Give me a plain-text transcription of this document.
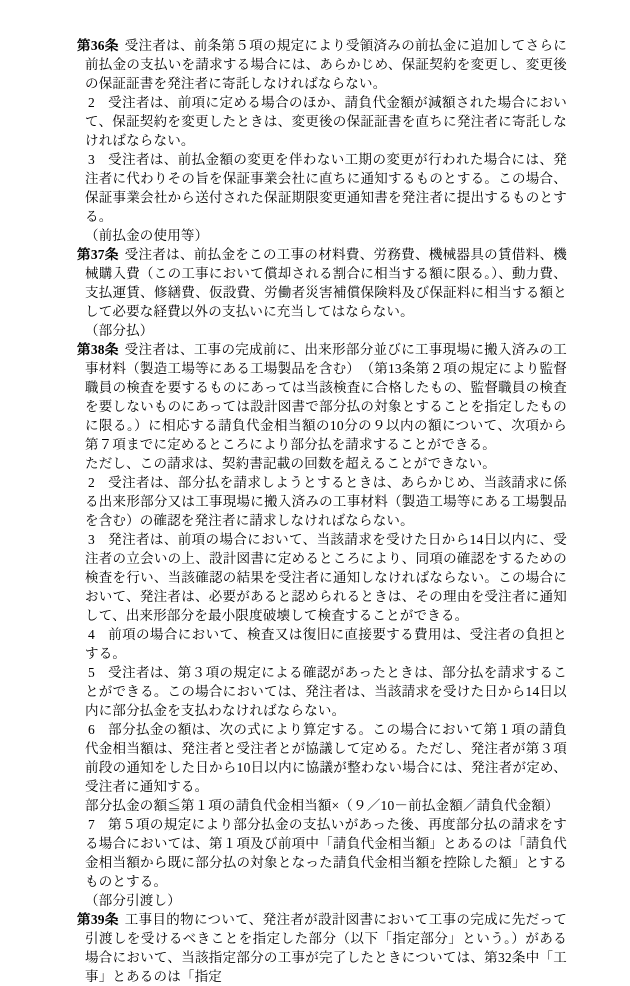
第36条 受注者は、前条第５項の規定により受領済みの前払金に追加してさらに前払金の支払いを請求する場合には、あらかじめ、保証契約を変更し、変更後の保証証書を発注者に寄託しなければならない。
2 受注者は、前項に定める場合のほか、請負代金額が減額された場合において、保証契約を変更したときは、変更後の保証証書を直ちに発注者に寄託しなければならない。
3 受注者は、前払金額の変更を伴わない工期の変更が行われた場合には、発注者に代わりその旨を保証事業会社に直ちに通知するものとする。この場合、保証事業会社から送付された保証期限変更通知書を発注者に提出するものとする。
（前払金の使用等）
第37条 受注者は、前払金をこの工事の材料費、労務費、機械器具の賃借料、機械購入費（この工事において償却される割合に相当する額に限る。）、動力費、支払運賃、修繕費、仮設費、労働者災害補償保険料及び保証料に相当する額として必要な経費以外の支払いに充当してはならない。
（部分払）
第38条 受注者は、工事の完成前に、出来形部分並びに工事現場に搬入済みの工事材料（製造工場等にある工場製品を含む）　（第13条第２項の規定により監督職員の検査を要するものにあっては当該検査に合格したもの、監督職員の検査を要しないものにあっては設計図書で部分払の対象とすることを指定したものに限る。）に相応する請負代金相当額の10分の９以内の額について、次項から第７項までに定めるところにより部分払を請求することができる。
ただし、この請求は、契約書記載の回数を超えることができない。
2 受注者は、部分払を請求しようとするときは、あらかじめ、当該請求に係る出来形部分又は工事現場に搬入済みの工事材料（製造工場等にある工場製品を含む）の確認を発注者に請求しなければならない。
3 発注者は、前項の場合において、当該請求を受けた日から14日以内に、受注者の立会いの上、設計図書に定めるところにより、同項の確認をするための検査を行い、当該確認の結果を受注者に通知しなければならない。この場合において、発注者は、必要があると認められるときは、その理由を受注者に通知して、出来形部分を最小限度破壊して検査することができる。
4 前項の場合において、検査又は復旧に直接要する費用は、受注者の負担とする。
5 受注者は、第３項の規定による確認があったときは、部分払を請求することができる。この場合においては、発注者は、当該請求を受けた日から14日以内に部分払金を支払わなければならない。
6 部分払金の額は、次の式により算定する。この場合において第１項の請負代金相当額は、発注者と受注者とが協議して定める。ただし、発注者が第３項前段の通知をした日から10日以内に協議が整わない場合には、発注者が定め、受注者に通知する。
部分払金の額≦第１項の請負代金相当額×（９／10－前払金額／請負代金額）
7 第５項の規定により部分払金の支払いがあった後、再度部分払の請求をする場合においては、第１項及び前項中「請負代金相当額」とあるのは「請負代金相当額から既に部分払の対象となった請負代金相当額を控除した額」とするものとする。
（部分引渡し）
第39条 工事目的物について、発注者が設計図書において工事の完成に先だって引渡しを受けるべきことを指定した部分（以下「指定部分」という。）がある場合において、当該指定部分の工事が完了したときについては、第32条中「工事」とあるのは「指定
